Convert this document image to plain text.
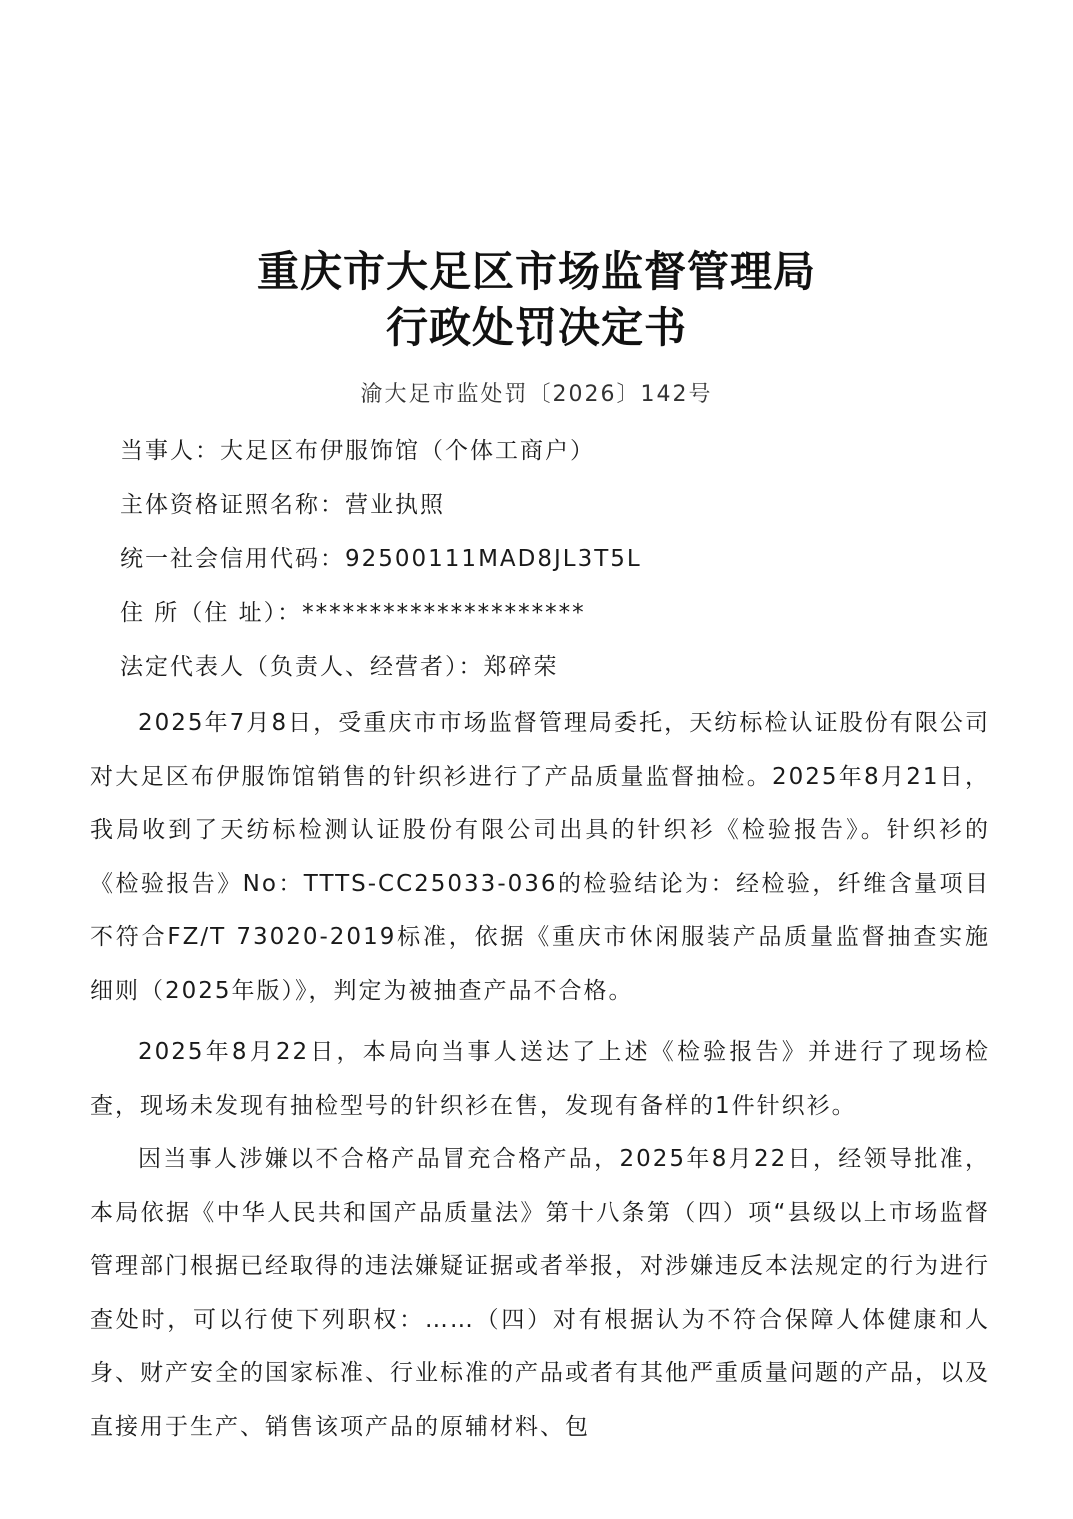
重庆市大足区市场监督管理局
行政处罚决定书
渝大足市监处罚〔2026〕142号
当事人：大足区布伊服饰馆（个体工商户）
主体资格证照名称：营业执照
统一社会信用代码：92500111MAD8JL3T5L
住 所（住 址）：*********************
法定代表人（负责人、经营者）：郑碎荣

2025年7月8日，受重庆市市场监督管理局委托，天纺标检认证股份有限公司对大足区布伊服饰馆销售的针织衫进行了产品质量监督抽检。2025年8月21日，我局收到了天纺标检测认证股份有限公司出具的针织衫《检验报告》。针织衫的《检验报告》No：TTTS-CC25033-036的检验结论为：经检验，纤维含量项目不符合FZ/T 73020-2019标准，依据《重庆市休闲服装产品质量监督抽查实施细则（2025年版）》，判定为被抽查产品不合格。

2025年8月22日，本局向当事人送达了上述《检验报告》并进行了现场检查，现场未发现有抽检型号的针织衫在售，发现有备样的1件针织衫。

因当事人涉嫌以不合格产品冒充合格产品，2025年8月22日，经领导批准，本局依据《中华人民共和国产品质量法》第十八条第（四）项“县级以上市场监督管理部门根据已经取得的违法嫌疑证据或者举报，对涉嫌违反本法规定的行为进行查处时，可以行使下列职权：……（四）对有根据认为不符合保障人体健康和人身、财产安全的国家标准、行业标准的产品或者有其他严重质量问题的产品，以及直接用于生产、销售该项产品的原辅材料、包
